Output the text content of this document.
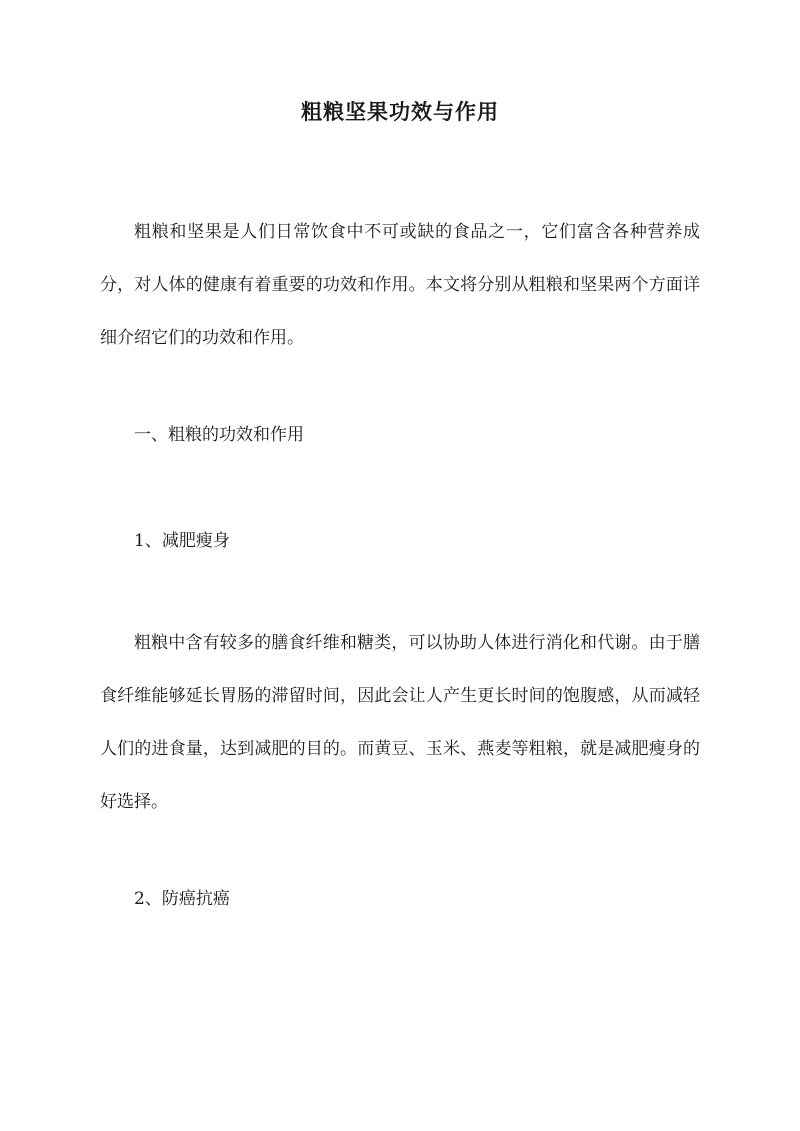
粗粮坚果功效与作用

粗粮和坚果是人们日常饮食中不可或缺的食品之一，它们富含各种营养成分，对人体的健康有着重要的功效和作用。本文将分别从粗粮和坚果两个方面详细介绍它们的功效和作用。

一、粗粮的功效和作用

1、减肥瘦身

粗粮中含有较多的膳食纤维和糖类，可以协助人体进行消化和代谢。由于膳食纤维能够延长胃肠的滞留时间，因此会让人产生更长时间的饱腹感，从而减轻人们的进食量，达到减肥的目的。而黄豆、玉米、燕麦等粗粮，就是减肥瘦身的好选择。

2、防癌抗癌
